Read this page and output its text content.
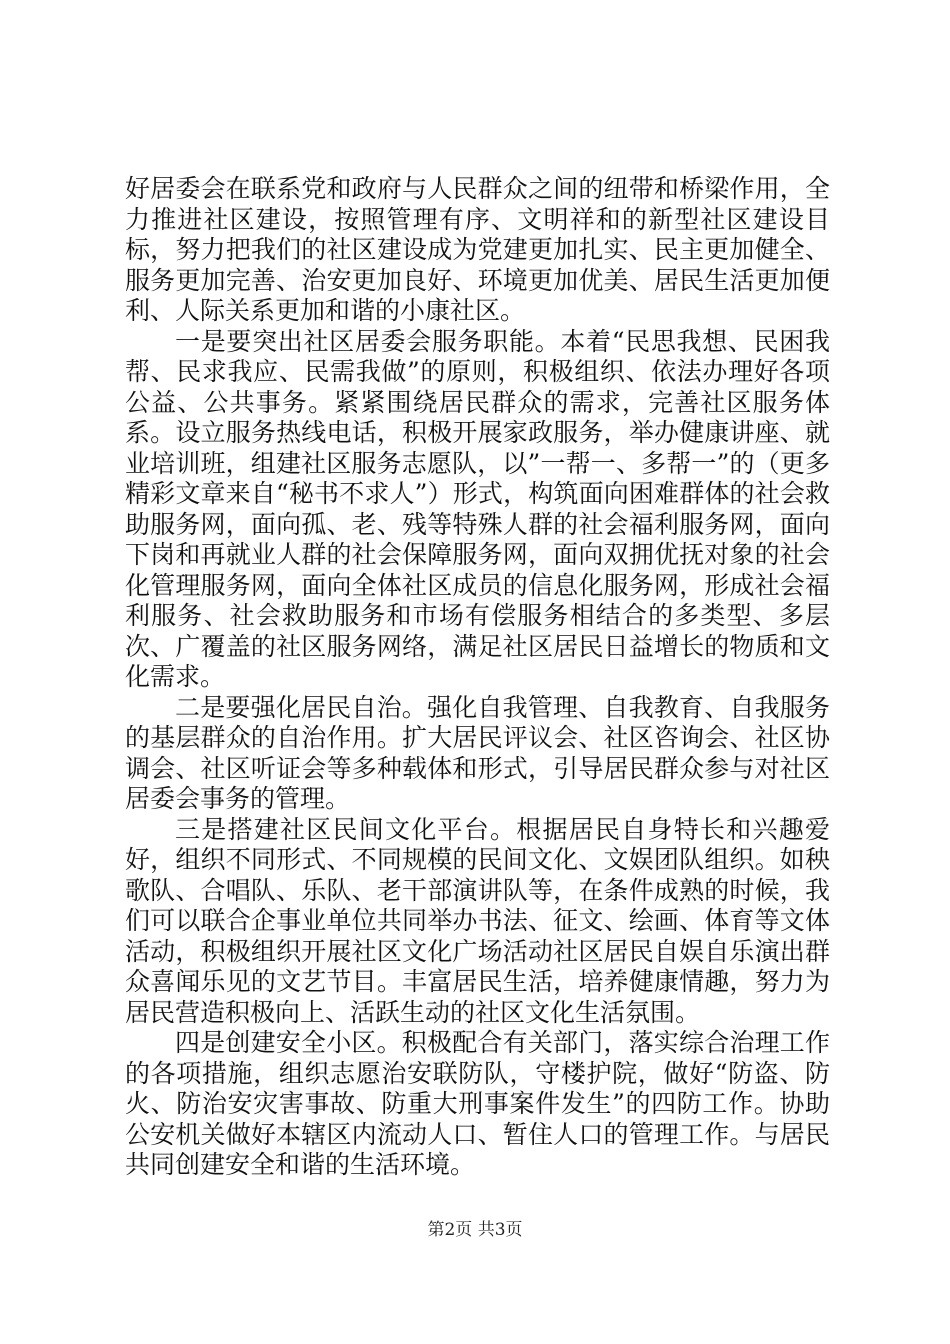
好居委会在联系党和政府与人民群众之间的纽带和桥梁作用，全力推进社区建设，按照管理有序、文明祥和的新型社区建设目标，努力把我们的社区建设成为党建更加扎实、民主更加健全、服务更加完善、治安更加良好、环境更加优美、居民生活更加便利、人际关系更加和谐的小康社区。

一是要突出社区居委会服务职能。本着“民思我想、民困我帮、民求我应、民需我做”的原则，积极组织、依法办理好各项公益、公共事务。紧紧围绕居民群众的需求，完善社区服务体系。设立服务热线电话，积极开展家政服务，举办健康讲座、就业培训班，组建社区服务志愿队，以”一帮一、多帮一”的（更多精彩文章来自“秘书不求人”）形式，构筑面向困难群体的社会救助服务网，面向孤、老、残等特殊人群的社会福利服务网，面向下岗和再就业人群的社会保障服务网，面向双拥优抚对象的社会化管理服务网，面向全体社区成员的信息化服务网，形成社会福利服务、社会救助服务和市场有偿服务相结合的多类型、多层次、广覆盖的社区服务网络，满足社区居民日益增长的物质和文化需求。

二是要强化居民自治。强化自我管理、自我教育、自我服务的基层群众的自治作用。扩大居民评议会、社区咨询会、社区协调会、社区听证会等多种载体和形式，引导居民群众参与对社区居委会事务的管理。

三是搭建社区民间文化平台。根据居民自身特长和兴趣爱好，组织不同形式、不同规模的民间文化、文娱团队组织。如秧歌队、合唱队、乐队、老干部演讲队等，在条件成熟的时候，我们可以联合企事业单位共同举办书法、征文、绘画、体育等文体活动，积极组织开展社区文化广场活动社区居民自娱自乐演出群众喜闻乐见的文艺节目。丰富居民生活，培养健康情趣，努力为居民营造积极向上、活跃生动的社区文化生活氛围。

四是创建安全小区。积极配合有关部门，落实综合治理工作的各项措施，组织志愿治安联防队，守楼护院，做好“防盗、防火、防治安灾害事故、防重大刑事案件发生”的四防工作。协助公安机关做好本辖区内流动人口、暂住人口的管理工作。与居民共同创建安全和谐的生活环境。

第2页 共3页
